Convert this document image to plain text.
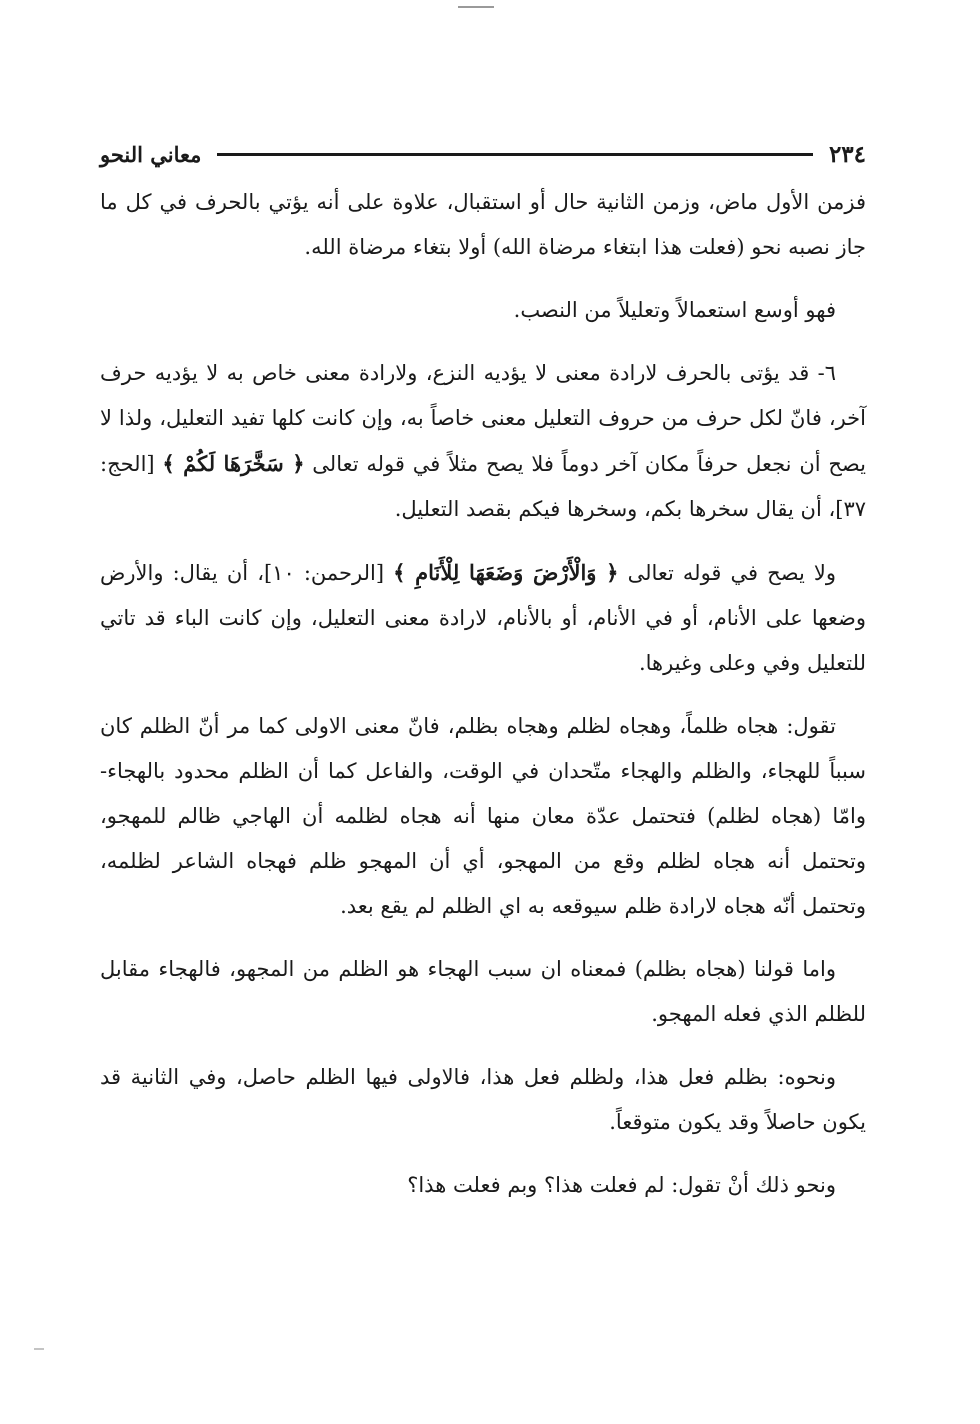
٢٣٤
معاني النحو

فزمن الأول ماض، وزمن الثانية حال أو استقبال، علاوة على أنه يؤتي بالحرف في كل ما جاز نصبه نحو (فعلت هذا ابتغاء مرضاة الله) أولا بتغاء مرضاة الله.

فهو أوسع استعمالاً وتعليلاً من النصب.

٦- قد يؤتى بالحرف لارادة معنى لا يؤديه النزع، ولارادة معنى خاص به لا يؤديه حرف آخر، فانّ لكل حرف من حروف التعليل معنى خاصاً به، وإن كانت كلها تفيد التعليل، ولذا لا يصح أن نجعل حرفاً مكان آخر دوماً فلا يصح مثلاً في قوله تعالى ﴿ سَخَّرَهَا لَكُمْ ﴾ [الحج: ٣٧]، أن يقال سخرها بكم، وسخرها فيكم بقصد التعليل.

ولا يصح في قوله تعالى ﴿ وَالْأَرْضَ وَضَعَهَا لِلْأَنَامِ ﴾ [الرحمن: ١٠]، أن يقال: والأرض وضعها على الأنام، أو في الأنام، أو بالأنام، لارادة معنى التعليل، وإن كانت الباء قد تاتي للتعليل وفي وعلى وغيرها.

تقول: هجاه ظلماً، وهجاه لظلم وهجاه بظلم، فانّ معنى الاولى كما مر أنّ الظلم كان سبباً للهجاء، والظلم والهجاء متّحدان في الوقت، والفاعل كما أن الظلم محدود بالهجاء- وامّا (هجاه لظلم) فتحتمل عدّة معان منها أنه هجاه لظلمه أن الهاجي ظالم للمهجو، وتحتمل أنه هجاه لظلم وقع من المهجو، أي أن المهجو ظلم فهجاه الشاعر لظلمه، وتحتمل أنّه هجاه لارادة ظلم سيوقعه به اي الظلم لم يقع بعد.

واما قولنا (هجاه بظلم) فمعناه ان سبب الهجاء هو الظلم من المجهو، فالهجاء مقابل للظلم الذي فعله المهجو.

ونحوه: بظلم فعل هذا، ولظلم فعل هذا، فالاولى فيها الظلم حاصل، وفي الثانية قد يكون حاصلاً وقد يكون متوقعاً.

ونحو ذلك أنْ تقول: لم فعلت هذا؟ وبم فعلت هذا؟
